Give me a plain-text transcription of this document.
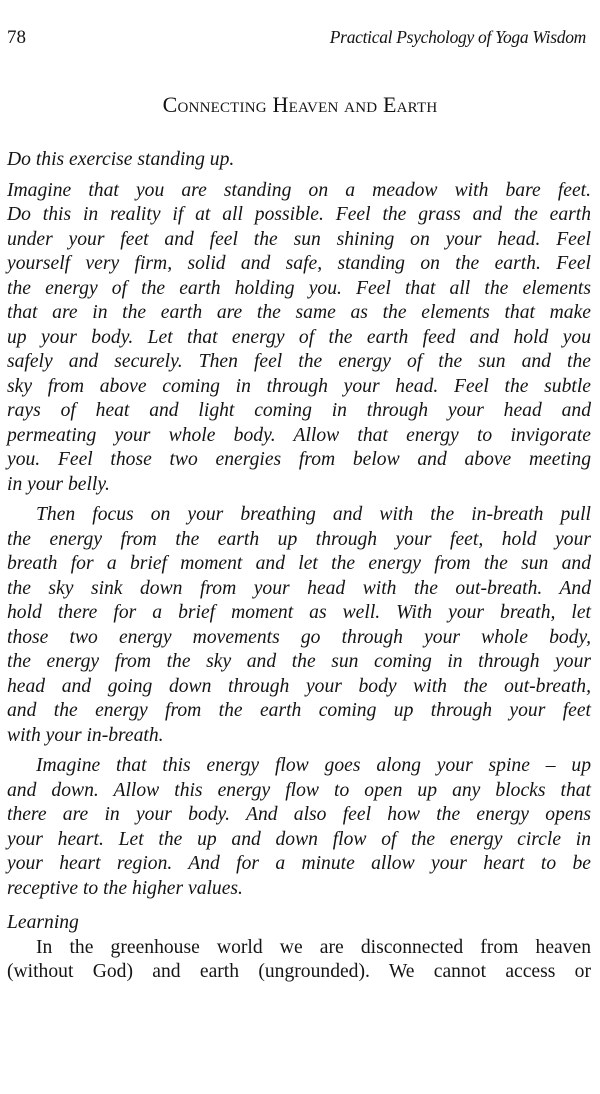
78	Practical Psychology of Yoga Wisdom
Connecting Heaven and Earth
Do this exercise standing up.
Imagine that you are standing on a meadow with bare feet.
Do this in reality if at all possible. Feel the grass and the earth
under your feet and feel the sun shining on your head. Feel
yourself very firm, solid and safe, standing on the earth. Feel
the energy of the earth holding you. Feel that all the elements
that are in the earth are the same as the elements that make
up your body. Let that energy of the earth feed and hold you
safely and securely. Then feel the energy of the sun and the
sky from above coming in through your head. Feel the subtle
rays of heat and light coming in through your head and
permeating your whole body. Allow that energy to invigorate
you. Feel those two energies from below and above meeting
in your belly.
Then focus on your breathing and with the in-breath pull
the energy from the earth up through your feet, hold your
breath for a brief moment and let the energy from the sun and
the sky sink down from your head with the out-breath. And
hold there for a brief moment as well. With your breath, let
those two energy movements go through your whole body,
the energy from the sky and the sun coming in through your
head and going down through your body with the out-breath,
and the energy from the earth coming up through your feet
with your in-breath.
Imagine that this energy flow goes along your spine – up
and down. Allow this energy flow to open up any blocks that
there are in your body. And also feel how the energy opens
your heart. Let the up and down flow of the energy circle in
your heart region. And for a minute allow your heart to be
receptive to the higher values.
Learning
In the greenhouse world we are disconnected from heaven
(without God) and earth (ungrounded). We cannot access or
